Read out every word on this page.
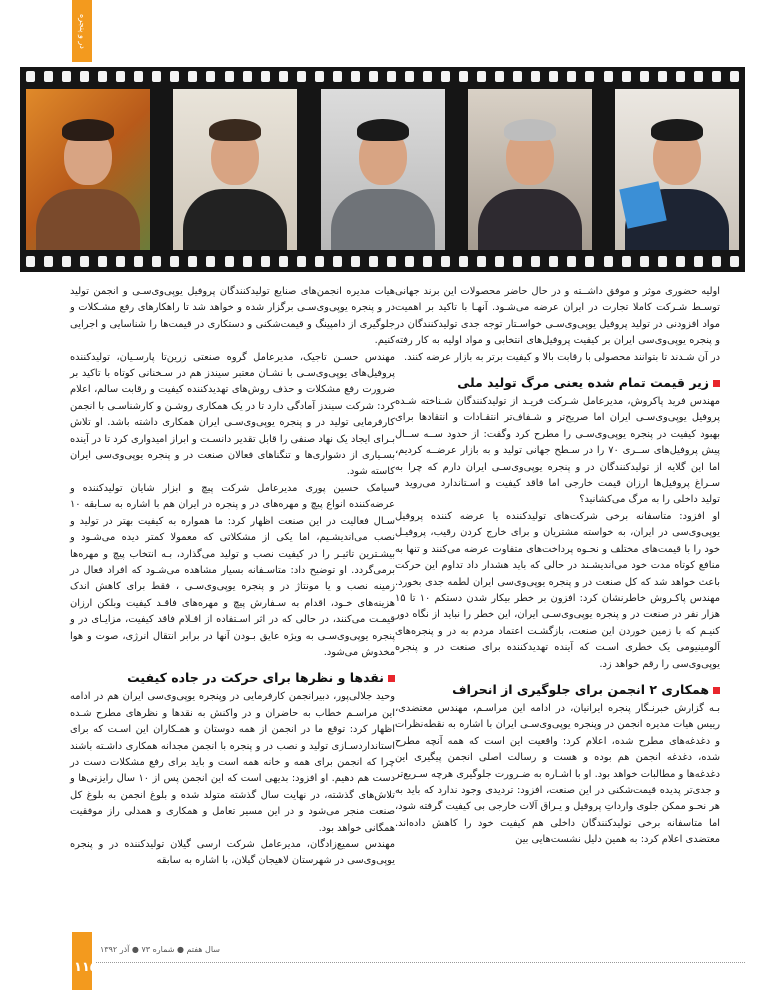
در و پنجره

اولیه حضوری موثر و موفق داشــته و در حال حاضر محصولات این برند جهانی توسـط شـرکت کاملا تجارت در ایران عرضه می‌شـود. آنهـا با تاکید بر اهمیت مواد افزودنی در تولید پروفیل یوپی‌وی‌سـی خواسـتار توجه جدی تولیدکنندگان در و پنجره یوپی‌وی‌سی ایران بر کیفیت پروفیل‌های انتخابی و مواد اولیه به کار رفته در آن شـدند تا بتوانند محصولی با رقابت بالا و کیفیت برتر به بازار عرضه کنند.

زیر قیمت تمام شده یعنی مرگ تولید ملی

مهندس فرید پاکروش، مدیرعامل شـرکت فریـد از تولیدکنندگان شـناخته شـده پروفیل یوپی‌وی‌سـی ایران اما صریح‌تر و شـفاف‌تر انتقـادات و انتقادها برای بهبود کیفیت در پنجره یوپی‌وی‌سـی را مطرح کرد وگفت: از حدود ســه ســال پیش پروفیل‌های ســری ۷۰ را در سـطح جهانی تولید و به بازار عرضــه کردیم، اما این گلایه از تولیدکنندگان در و پنجره یوپی‌وی‌سـی ایران دارم که چرا به سـراغ پروفیل‌ها ارزان قیمت خارجی اما فاقد کیفیت و اسـتاندارد می‌روید و تولید داخلی را به مرگ می‌کشانید؟

او افزود: متاسفانه برخی شرکت‌های تولیدکننده یا عرضه کننده پروفیل یوپی‌وی‌سی در ایران، به خواسته مشتریان و برای خارج کردن رقیب، پروفیـل خود را با قیمت‌های مختلف و نحـوه پرداخت‌های متفاوت عرضه می‌کنند و تنها به منافع کوتاه مدت خود می‌اندیشـند در حالی که باید هشدار داد تداوم این حرکت باعث خواهد شد که کل صنعت در و پنجره یوپی‌وی‌سی ایران لطمه جدی بخورد. مهندس پاکـروش خاطرنشان کرد: افزون بر خطر بیکار شدن دستکم ۱۰ تا ۱۵ هزار نفر در صنعت در و پنجره یوپی‌وی‌سـی ایران، این خطر را نباید از نگاه دور کنیـم که با زمین خوردن این صنعت، بازگشـت اعتماد مردم به در و پنجره‌های آلومینیومی یک خطری اسـت که آینده تهدیدکننده برای صنعت در و پنجره یوپی‌وی‌سی را رقم خواهد زد.

همکاری ۲ انجمن برای جلوگیری از انحراف

بـه گزارش خبرنـگار پنجره ایرانیان، در ادامه این مراسـم، مهندس معتضدی، رییس هیات مدیره انجمن در وپنجره یوپی‌وی‌سـی ایران با اشاره به نقطه‌نظرات و دغدغه‌های مطرح شده، اعلام کرد: واقعیت این است که همه آنچه مطرح شده، دغدغه انجمن هم بوده و هست و رسالت اصلی انجمن پیگیری این دغدغه‌ها و مطالبات خواهد بود. او با اشـاره به ضـرورت جلوگیری هرچه سـریع‌تر و جدی‌تر پدیده قیمت‌شکنی در این صنعت، افزود: تردیدی وجود ندارد که باید به هر نحـو ممکن جلوی وارداتِ پروفیل و یـراق آلات خارجی بی کیفیت گرفته شود، اما متاسفانه برخی تولیدکنندگان داخلی هم کیفیت خود را کاهش داده‌اند. معتضدی اعلام کرد: به همین دلیل نشست‌هایی بین

هیات مدیره انجمن‌های صنایع تولیدکنندگان پروفیل یوپی‌وی‌سـی و انجمن تولید در و پنجره یوپی‌وی‌سـی برگزار شده و خواهد شد تا راهکارهای رفع مشـکلات و جلوگیری از دامپینگ و قیمت‌شکنی و دستکاری در قیمت‌ها را شناسایی و اجرایی کنیم.

مهندس حسـن تاجیک، مدیرعامل گروه صنعتی زرین‌تا پارسـیان، تولیدکننده پروفیل‌های یوپی‌وی‌سـی با نشـان معتبر سیندز هم در سـخنانی کوتاه با تاکید بر ضرورت رفع مشکلات و حذف روش‌های تهدیدکننده کیفیت و رقابت سالم، اعلام کرد: شرکت سیندز آمادگی دارد تا در یک همکاری روشـن و کارشناسـی با انجمن کارفرمایی تولید در و پنجره یوپی‌وی‌سـی ایران همکاری داشته باشد. او تلاش بـرای ایجاد یک نهاد صنفی را قابل تقدیر دانسـت و ابراز امیدواری کرد تا در آینده بسـیاری از دشواری‌ها و تنگناهای فعالان صنعت در و پنجره یوپی‌وی‌سی ایران کاسته شود.

سیامک حسین پوری مدیرعامل شرکت پیچ و ابزار شایان تولیدکننده و عرضه‌کننده انواع پیچ و مهره‌های در و پنجره در ایران هم با اشاره به سـابقه ۱۰ سـال فعالیت در این صنعت اظهار کرد: ما همواره به کیفیت بهتر در تولید و نصب می‌اندیشـیم، اما یکی از مشکلاتی که معمولا کمتر دیده می‌شـود و بیشـترین تاثیـر را در کیفیت نصب و تولید می‌گذارد، بـه انتخاب پیچ و مهره‌ها برمی‌گردد. او توضیح داد: متاسـفانه بسیار مشاهده می‌شـود که افراد فعال در زمینه نصب و یا مونتاژ در و پنجره یوپی‌وی‌سـی ، فقط برای کاهش اندک هزینه‌های خـود، اقدام به سـفارش پیچ و مهره‌های فاقـد کیفیت وبلکن ارزان قیمـت می‌کنند، در حالی که در اثر اسـتفاده از اقـلام فاقد کیفیت، مزایـای در و پنجره یوپی‌وی‌سـی به ویژه عایق بـودن آنها در برابر انتقال انرژی، صوت و هوا مخدوش می‌شود.

نقدها و نظرها برای حرکت در جاده کیفیت

وحید جلالی‌پور، دبیرانجمن کارفرمایی در وپنجره یوپی‌وی‌سی ایران هم در ادامه این مراسـم خطاب به حاضران و در واکنش به نقدها و نظرهای مطرح شـده اظهار کرد: توقع ما در انجمن از همه دوستان و همـکاران این اسـت که برای استانداردسـازی تولید و نصب در و پنجره با انجمن مجدانه همکاری داشـته باشند چرا که انجمن برای همه و خانه همه است و باید برای رفع مشکلات دست در دست هم دهیم. او افزود: بدیهی است که این انجمن پس از ۱۰ سال رایزنی‌ها و تلاش‌های گذشته، در نهایت سال گذشته متولد شده و بلوغ انجمن به بلوغ کل صنعت منجر می‌شود و در این مسیر تعامل و همکاری و همدلی راز موفقیت همگانی خواهد بود.

مهندس سمیع‌زادگان، مدیرعامل شرکت ارسی گیلان تولیدکننده در و پنجره یوپی‌وی‌سی در شهرستان لاهیجان گیلان، با اشاره به سابقه

۱۱۵
سال هفتم ● شماره ۷۳ ● آذر ۱۳۹۲
